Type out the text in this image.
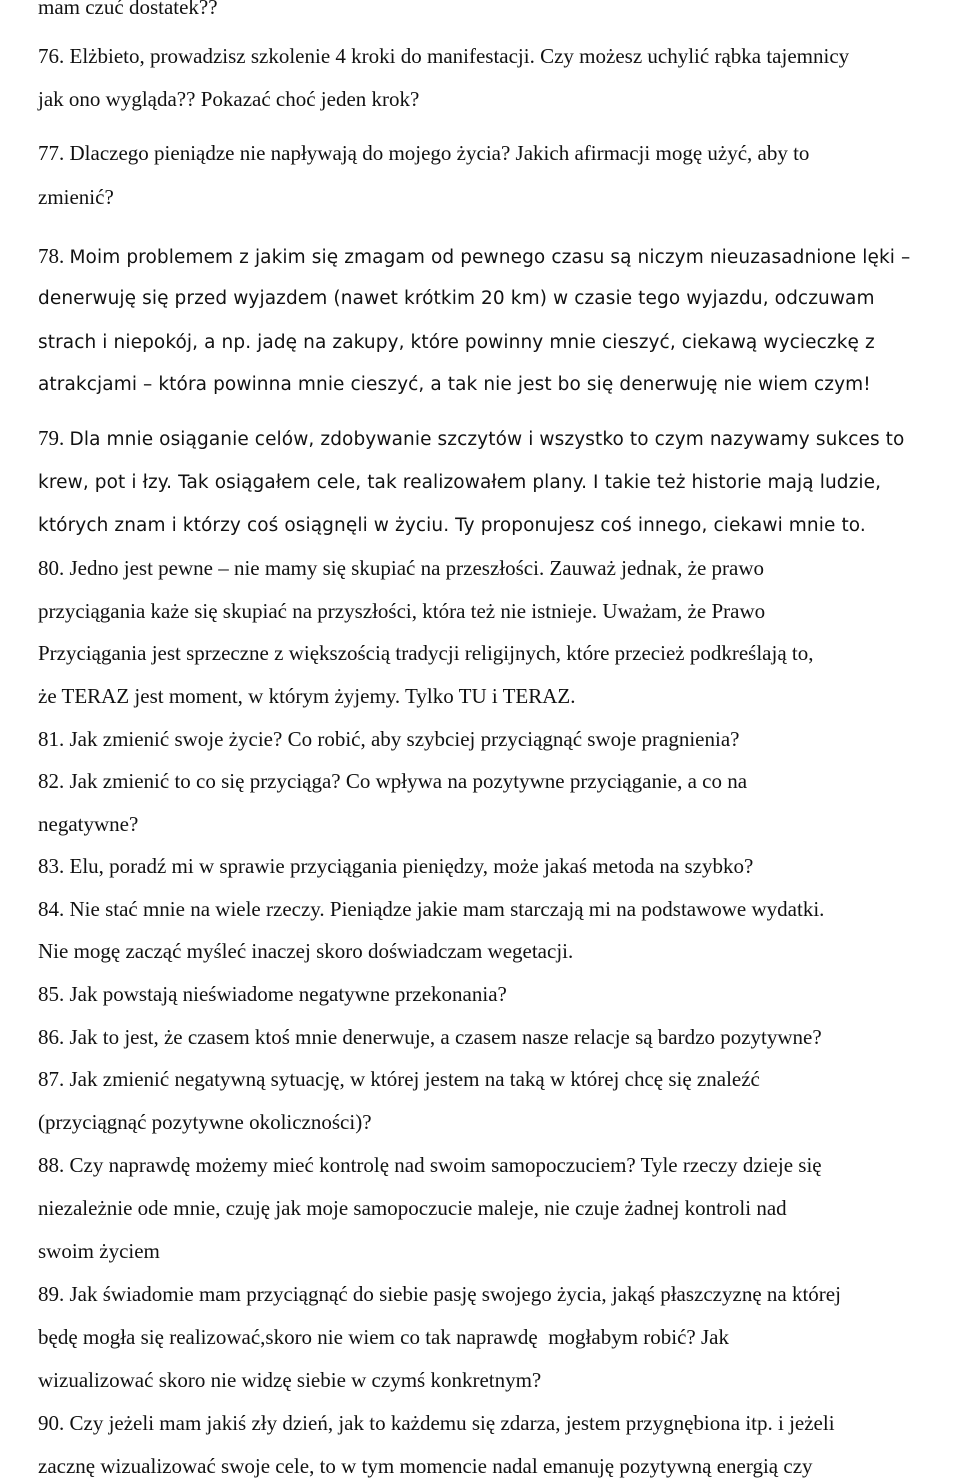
mam czuć dostatek??
76. Elżbieto, prowadzisz szkolenie 4 kroki do manifestacji. Czy możesz uchylić rąbka tajemnicy
jak ono wygląda?? Pokazać choć jeden krok?
77. Dlaczego pieniądze nie napływają do mojego życia? Jakich afirmacji mogę użyć, aby to
zmienić?
78. Moim problemem z jakim się zmagam od pewnego czasu są niczym nieuzasadnione lęki –
denerwuję się przed wyjazdem (nawet krótkim 20 km) w czasie tego wyjazdu, odczuwam
strach i niepokój, a np. jadę na zakupy, które powinny mnie cieszyć, ciekawą wycieczkę z
atrakcjami – która powinna mnie cieszyć, a tak nie jest bo się denerwuję nie wiem czym!
79. Dla mnie osiąganie celów, zdobywanie szczytów i wszystko to czym nazywamy sukces to
krew, pot i łzy. Tak osiągałem cele, tak realizowałem plany. I takie też historie mają ludzie,
których znam i którzy coś osiągnęli w życiu. Ty proponujesz coś innego, ciekawi mnie to.
80. Jedno jest pewne – nie mamy się skupiać na przeszłości. Zauważ jednak, że prawo
przyciągania każe się skupiać na przyszłości, która też nie istnieje. Uważam, że Prawo
Przyciągania jest sprzeczne z większością tradycji religijnych, które przecież podkreślają to,
że TERAZ jest moment, w którym żyjemy. Tylko TU i TERAZ.
81. Jak zmienić swoje życie? Co robić, aby szybciej przyciągnąć swoje pragnienia?
82. Jak zmienić to co się przyciąga? Co wpływa na pozytywne przyciąganie, a co na
negatywne?
83. Elu, poradź mi w sprawie przyciągania pieniędzy, może jakaś metoda na szybko?
84. Nie stać mnie na wiele rzeczy. Pieniądze jakie mam starczają mi na podstawowe wydatki.
Nie mogę zacząć myśleć inaczej skoro doświadczam wegetacji.
85. Jak powstają nieświadome negatywne przekonania?
86. Jak to jest, że czasem ktoś mnie denerwuje, a czasem nasze relacje są bardzo pozytywne?
87. Jak zmienić negatywną sytuację, w której jestem na taką w której chcę się znaleźć
(przyciągnąć pozytywne okoliczności)?
88. Czy naprawdę możemy mieć kontrolę nad swoim samopoczuciem? Tyle rzeczy dzieje się
niezależnie ode mnie, czuję jak moje samopoczucie maleje, nie czuje żadnej kontroli nad
swoim życiem
89. Jak świadomie mam przyciągnąć do siebie pasję swojego życia, jakąś płaszczyznę na której
będę mogła się realizować,skoro nie wiem co tak naprawdę  mogłabym robić? Jak
wizualizować skoro nie widzę siebie w czymś konkretnym?
90. Czy jeżeli mam jakiś zły dzień, jak to każdemu się zdarza, jestem przygnębiona itp. i jeżeli
zacznę wizualizować swoje cele, to w tym momencie nadal emanuję pozytywną energią czy
